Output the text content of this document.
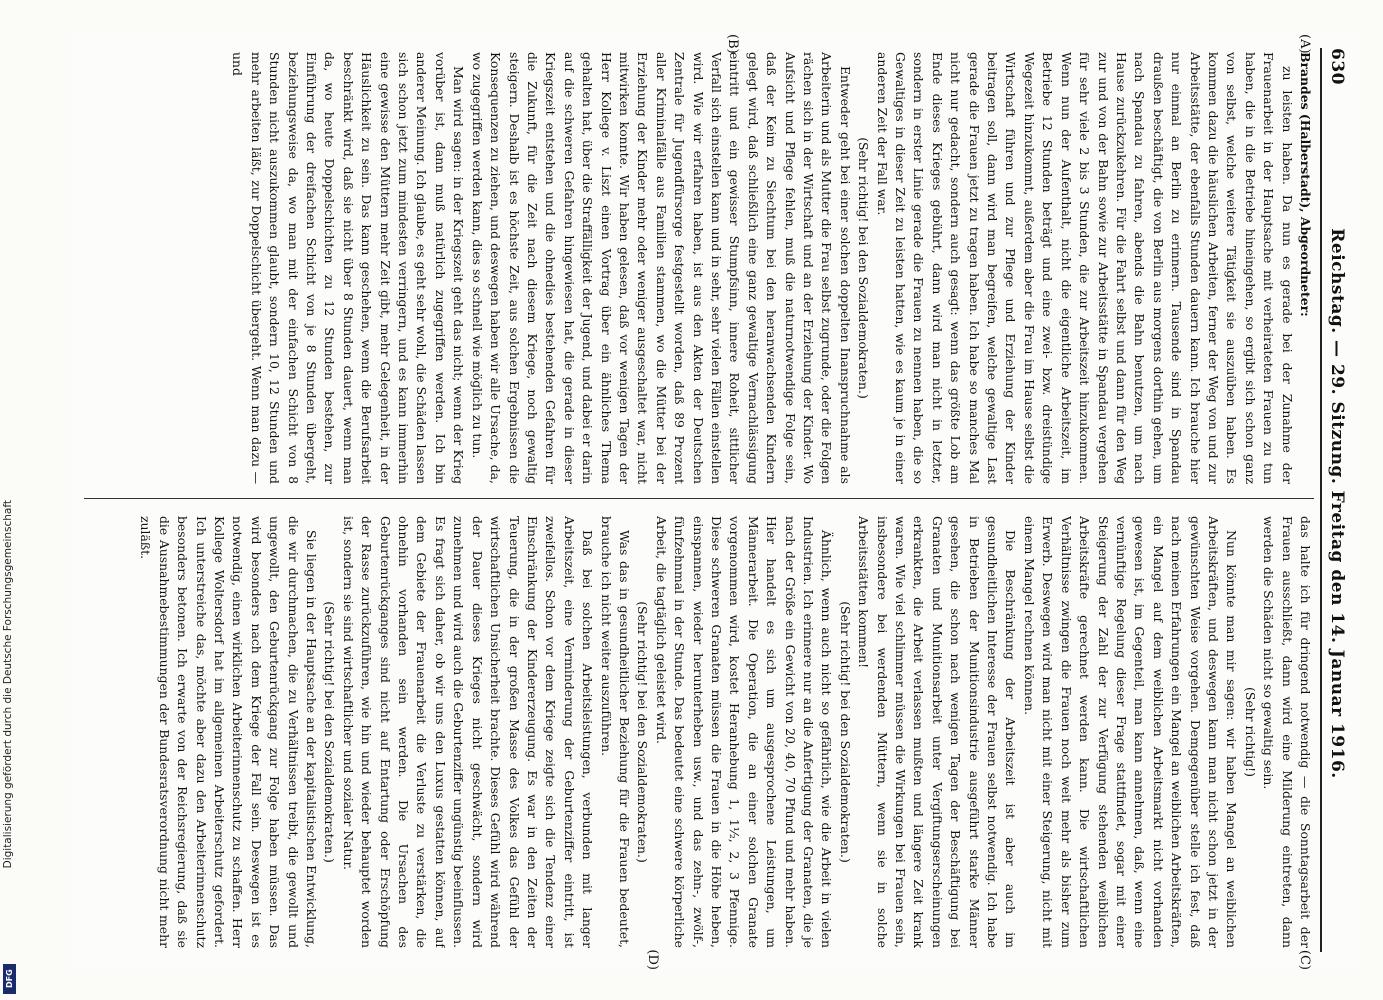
630
Reichstag. — 29. Sitzung. Freitag den 14. Januar 1916.
(A)
(B)
(C)
(D)

Brandes (Halberstadt), Abgeordneter:

zu leisten haben. Da nun es gerade bei der Zunahme der Frauenarbeit in der Hauptsache mit verheirateten Frauen zu tun haben, die in die Betriebe hineingehen, so ergibt sich schon ganz von selbst, welche weitere Tätigkeit sie auszuüben haben. Es kommen dazu die häuslichen Arbeiten, ferner der Weg von und zur Arbeitsstätte, der ebenfalls Stunden dauern kann. Ich brauche hier nur einmal an Berlin zu erinnern. Tausende sind in Spandau draußen beschäftigt, die von Berlin aus morgens dorthin gehen, um nach Spandau zu fahren, abends die Bahn benutzen, um nach Hause zurückzukehren. Für die Fahrt selbst und dann für den Weg zur und von der Bahn sowie zur Arbeitsstätte in Spandau vergehen für sehr viele 2 bis 3 Stunden, die zur Arbeitszeit hinzukommen. Wenn nun der Aufenthalt, nicht die eigentliche Arbeitszeit, im Betriebe 12 Stunden beträgt und eine zwei- bzw. dreistündige Wegezeit hinzukommt, außerdem aber die Frau im Hause selbst die Wirtschaft führen und zur Pflege und Erziehung der Kinder beitragen soll, dann wird man begreifen, welche gewaltige Last gerade die Frauen jetzt zu tragen haben. Ich habe so manches Mal nicht nur gedacht, sondern auch gesagt: wenn das größte Lob am Ende dieses Krieges gebührt, dann wird man nicht in letzter, sondern in erster Linie gerade die Frauen zu nennen haben, die so Gewaltiges in dieser Zeit zu leisten hatten, wie es kaum je in einer anderen Zeit der Fall war.

(Sehr richtig! bei den Sozialdemokraten.)

Entweder geht bei einer solchen doppelten Inanspruchnahme als Arbeiterin und als Mutter die Frau selbst zugrunde, oder die Folgen rächen sich in der Wirtschaft und an der Erziehung der Kinder. Wo Aufsicht und Pflege fehlen, muß die naturnotwendige Folge sein, daß der Keim zu Siechtum bei den heranwachsenden Kindern gelegt wird, daß schließlich eine ganz gewaltige Vernachlässigung eintritt und ein gewisser Stumpfsinn, innere Roheit, sittlicher Verfall sich einstellen kann und in sehr, sehr vielen Fällen einstellen wird. Wie wir erfahren haben, ist aus den Akten der Deutschen Zentrale für Jugendfürsorge festgestellt worden, daß 89 Prozent aller Kriminalfälle aus Familien stammen, wo die Mütter bei der Erziehung der Kinder mehr oder weniger ausgeschaltet war, nicht mitwirken konnte. Wir haben gelesen, daß vor wenigen Tagen der Herr Kollege v. Liszt einen Vortrag über ein ähnliches Thema gehalten hat, über die Straffälligkeit der Jugend, und dabei er darin auf die schweren Gefahren hingewiesen hat, die gerade in dieser Kriegszeit entstehen und die ohnedies bestehenden Gefahren für die Zukunft, für die Zeit nach diesem Kriege, noch gewaltig steigern. Deshalb ist es höchste Zeit, aus solchen Ergebnissen die Konsequenzen zu ziehen, und deswegen haben wir alle Ursache, da, wo zugegriffen werden kann, dies so schnell wie möglich zu tun.

Man wird sagen: in der Kriegszeit geht das nicht; wenn der Krieg vorüber ist, dann muß natürlich zugegriffen werden. Ich bin anderer Meinung. Ich glaube, es geht sehr wohl, die Schäden lassen sich schon jetzt zum mindesten verringern, und es kann immerhin eine gewisse den Müttern mehr Zeit gibt, mehr Gelegenheit, in der Häuslichkeit zu sein. Das kann geschehen, wenn die Berufsarbeit beschränkt wird, daß sie nicht über 8 Stunden dauert, wenn man da, wo heute Doppelschichten zu 12 Stunden bestehen, zur Einführung der dreifachen Schicht von je 8 Stunden übergeht, beziehungsweise da, wo man mit der einfachen Schicht von 8 Stunden nicht auszukommen glaubt, sondern 10, 12 Stunden und mehr arbeiten läßt, zur Doppelschicht übergeht. Wenn man dazu — und

das halte ich für dringend notwendig — die Sonntagsarbeit der Frauen ausschließt, dann wird eine Milderung eintreten, dann werden die Schäden nicht so gewaltig sein.

(Sehr richtig!)

Nun könnte man mir sagen: wir haben Mangel an weiblichen Arbeitskräften, und deswegen kann man nicht schon jetzt in der gewünschten Weise vorgehen. Demgegenüber stelle ich fest, daß nach meinen Erfahrungen ein Mangel an weiblichen Arbeitskräften, ein Mangel auf dem weiblichen Arbeitsmarkt nicht vorhanden gewesen ist, im Gegenteil, man kann annehmen, daß, wenn eine vernünftige Regelung dieser Frage stattfindet, sogar mit einer Steigerung der Zahl der zur Verfügung stehenden weiblichen Arbeitskräfte gerechnet werden kann. Die wirtschaftlichen Verhältnisse zwingen die Frauen noch weit mehr als bisher zum Erwerb. Deswegen wird man nicht mit einer Steigerung, nicht mit einem Mangel rechnen können.

Die Beschränkung der Arbeitszeit ist aber auch im gesundheitlichen Interesse der Frauen selbst notwendig. Ich habe in Betrieben der Munitionsindustrie ausgeführt starke Männer gesehen, die schon nach wenigen Tagen der Beschäftigung bei Granaten und Munitionsarbeit unter Vergiftungserscheinungen erkrankten, die Arbeit verlassen mußten und längere Zeit krank waren. Wie viel schlimmer müssen die Wirkungen bei Frauen sein, insbesondere bei werdenden Müttern, wenn sie in solche Arbeitsstätten kommen!

(Sehr richtig! bei den Sozialdemokraten.)

Ähnlich, wenn auch nicht so gefährlich, wie die Arbeit in vielen Industrien. Ich erinnere nur an die Anfertigung der Granaten, die je nach der Größe ein Gewicht von 20, 40, 70 Pfund und mehr haben. Hier handelt es sich um ausgesprochene Leistungen, um Männerarbeit. Die Operation, die an einer solchen Granate vorgenommen wird, kostet Heranhebung 1, 1½, 2, 3 Pfennige. Diese schweren Granaten müssen die Frauen in die Höhe heben, einspannen, wieder herunterheben usw., und das zehn-, zwölf-, fünfzehnmal in der Stunde. Das bedeutet eine schwere körperliche Arbeit, die tagtäglich geleistet wird.

(Sehr richtig! bei den Sozialdemokraten.)

Was das in gesundheitlicher Beziehung für die Frauen bedeutet, brauche ich nicht weiter auszuführen.

Daß bei solchen Arbeitsleistungen, verbunden mit langer Arbeitszeit, eine Verminderung der Geburtenziffer eintritt, ist zweifellos. Schon vor dem Kriege zeigte sich die Tendenz einer Einschränkung der Kindererzeugung. Es war in den Zeiten der Teuerung, die in der großen Masse des Volkes das Gefühl der wirtschaftlichen Unsicherheit brachte. Dieses Gefühl wird während der Dauer dieses Krieges nicht geschwächt, sondern wird zunehmen und wird auch die Geburtenziffer ungünstig beeinflussen. Es fragt sich daher, ob wir uns den Luxus gestatten können, auf dem Gebiete der Frauenarbeit die Verluste zu verstärken, die ohnehin vorhanden sein werden. Die Ursachen des Geburtenrückganges sind nicht auf Entartung oder Erschöpfung der Rasse zurückzuführen, wie hin und wieder behauptet worden ist, sondern sie sind wirtschaftlicher und sozialer Natur.

(Sehr richtig! bei den Sozialdemokraten.)

Sie liegen in der Hauptsache an der kapitalistischen Entwicklung, die wir durchmachen, die zu Verhältnissen treibt, die gewollt und ungewollt, den Geburtenrückgang zur Folge haben müssen. Das wird besonders nach dem Kriege der Fall sein. Deswegen ist es notwendig, einen wirklichen Arbeiterinnenschutz zu schaffen. Herr Kollege Woltersdorf hat im allgemeinen Arbeiterschutz gefordert. Ich unterstreiche das, möchte aber dazu den Arbeiterinnenschutz besonders betonen. Ich erwarte von der Reichsregierung, daß sie die Ausnahmebestimmungen der Bundesratsverordnung nicht mehr zuläßt.

Digitalisierung gefördert durch die Deutsche Forschungsgemeinschaft
DFG
